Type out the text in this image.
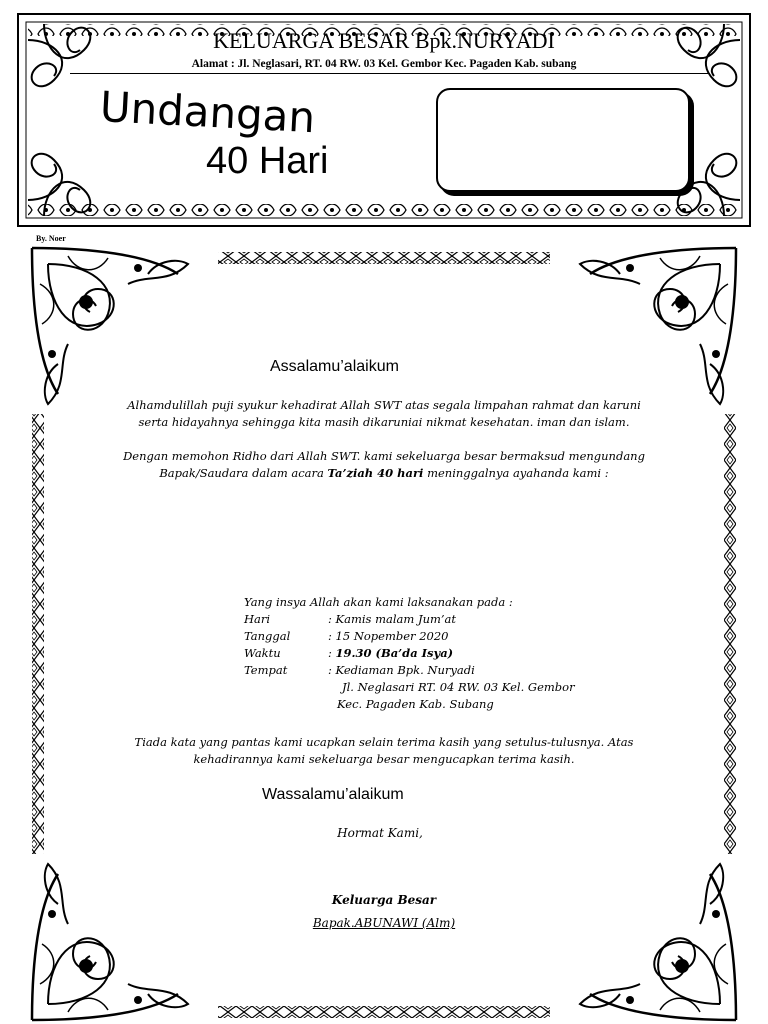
KELUARGA BESAR Bpk.NURYADI
Alamat : Jl. Neglasari, RT. 04 RW. 03 Kel. Gembor Kec. Pagaden Kab. subang
Undangan
40 Hari
By. Noer
Assalamu’alaikum
Alhamdulillah puji syukur kehadirat Allah SWT atas segala limpahan rahmat dan karuni
serta hidayahnya sehingga kita masih dikaruniai nikmat kesehatan. iman dan islam.
Dengan memohon Ridho dari Allah SWT. kami sekeluarga besar bermaksud mengundang
Bapak/Saudara dalam acara Ta’ziah 40 hari meninggalnya ayahanda kami :
Yang insya Allah akan kami laksanakan pada :
Hari	: Kamis malam Jum’at
Tanggal	: 15 Nopember 2020
Waktu	: 19.30 (Ba’da Isya)
Tempat	: Kediaman Bpk. Nuryadi
Jl. Neglasari RT. 04 RW. 03 Kel. Gembor
Kec. Pagaden Kab. Subang
Tiada kata yang pantas kami ucapkan selain terima kasih yang setulus-tulusnya. Atas
kehadirannya kami sekeluarga besar mengucapkan terima kasih.
Wassalamu’alaikum
Hormat Kami,
Keluarga Besar
Bapak.ABUNAWI (Alm)
